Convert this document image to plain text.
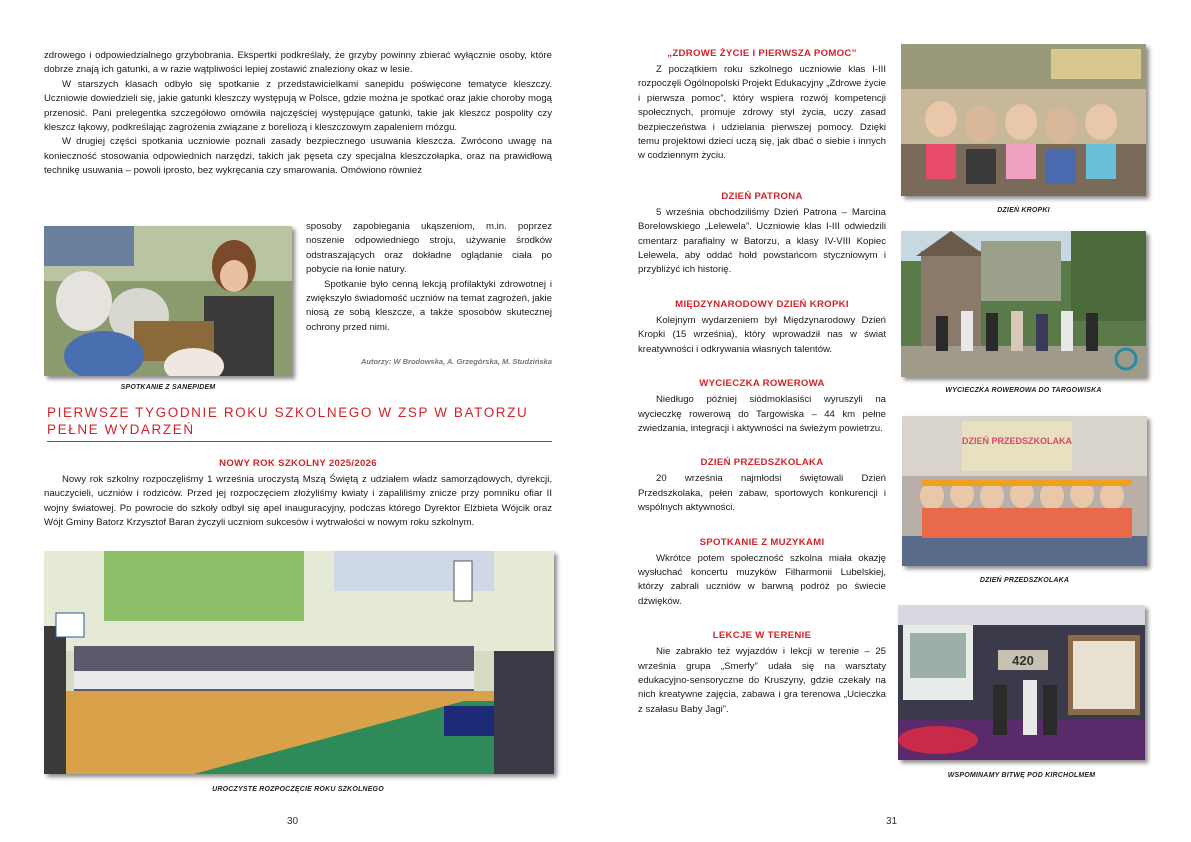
zdrowego i odpowiedzialnego grzybobrania. Ekspertki podkreślały, że grzyby powinny zbierać wyłącznie osoby, które dobrze znają ich gatunki, a w razie wątpliwości lepiej zostawić znaleziony okaz w lesie.

W starszych klasach odbyło się spotkanie z przedstawicielkami sanepidu poświęcone tematyce kleszczy. Uczniowie dowiedzieli się, jakie gatunki kleszczy występują w Polsce, gdzie można je spotkać oraz jakie choroby mogą przenosić. Pani prelegentka szczegółowo omówiła najczęściej występujące gatunki, takie jak kleszcz pospolity czy kleszcz łąkowy, podkreślając zagrożenia związane z boreliozą i kleszczowym zapaleniem mózgu.

W drugiej części spotkania uczniowie poznali zasady bezpiecznego usuwania kleszcza. Zwrócono uwagę na konieczność stosowania odpowiednich narzędzi, takich jak pęseta czy specjalna kleszczołapka, oraz na prawidłową technikę usuwania – powoli iprosto, bez wykręcania czy smarowania. Omówiono również

SPOTKANIE Z SANEPIDEM

sposoby zapobiegania ukąszeniom, m.in. poprzez noszenie odpowiedniego stroju, używanie środków odstraszających oraz dokładne oglądanie ciała po pobycie na łonie natury.

Spotkanie było cenną lekcją profilaktyki zdrowotnej i zwiększyło świadomość uczniów na temat zagrożeń, jakie niosą ze sobą kleszcze, a także sposobów skutecznej ochrony przed nimi.

Autorzy: W Brodowska, A. Grzegórska, M. Studzińska
PIERWSZE TYGODNIE ROKU SZKOLNEGO W ZSP W BATORZU PEŁNE WYDARZEŃ
NOWY ROK SZKOLNY 2025/2026

Nowy rok szkolny rozpoczęliśmy 1 września uroczystą Mszą Świętą z udziałem władz samorządowych, dyrekcji, nauczycieli, uczniów i rodziców. Przed jej rozpoczęciem złożyliśmy kwiaty i zapaliliśmy znicze przy pomniku ofiar II wojny światowej. Po powrocie do szkoły odbył się apel inauguracyjny, podczas którego Dyrektor Elżbieta Wójcik oraz Wójt Gminy Batorz Krzysztof Baran życzyli uczniom sukcesów i wytrwałości w nowym roku szkolnym.

UROCZYSTE ROZPOCZĘCIE ROKU SZKOLNEGO
30
„ZDROWE ŻYCIE I PIERWSZA POMOC”

Z początkiem roku szkolnego uczniowie klas I-III rozpoczęli Ogólnopolski Projekt Edukacyjny „Zdrowe życie i pierwsza pomoc”, który wspiera rozwój kompetencji społecznych, promuje zdrowy styl życia, uczy zasad bezpieczeństwa i udzielania pierwszej pomocy. Dzięki temu projektowi dzieci uczą się, jak dbać o siebie i innych w codziennym życiu.

DZIEŃ PATRONA

5 września obchodziliśmy Dzień Patrona – Marcina Borelowskiego „Lelewela”. Uczniowie klas I-III odwiedzili cmentarz parafialny w Batorzu, a klasy IV-VIII Kopiec Lelewela, aby oddać hołd powstańcom styczniowym i przybliżyć ich historię.

MIĘDZYNARODOWY DZIEŃ KROPKI

Kolejnym wydarzeniem był Międzynarodowy Dzień Kropki (15 września), który wprowadził nas w świat kreatywności i odkrywania własnych talentów.

WYCIECZKA ROWEROWA

Niedługo później siódmoklasiści wyruszyli na wycieczkę rowerową do Targowiska – 44 km pełne zwiedzania, integracji i aktywności na świeżym powietrzu.

DZIEŃ PRZEDSZKOLAKA

20 września najmłodsi świętowali Dzień Przedszkolaka, pełen zabaw, sportowych konkurencji i wspólnych aktywności.

SPOTKANIE Z MUZYKAMI

Wkrótce potem społeczność szkolna miała okazję wysłuchać koncertu muzyków Filharmonii Lubelskiej, którzy zabrali uczniów w barwną podróż po świecie dźwięków.

LEKCJE W TERENIE

Nie zabrakło też wyjazdów i lekcji w terenie – 25 września grupa „Smerfy” udała się na warsztaty edukacyjno-sensoryczne do Kruszyny, gdzie czekały na nich kreatywne zajęcia, zabawa i gra terenowa „Ucieczka z szałasu Baby Jagi”.

DZIEŃ KROPKI
WYCIECZKA ROWEROWA DO TARGOWISKA
DZIEŃ PRZEDSZKOLAKA
DZIEŃ PRZEDSZKOLAKA
420
WSPOMINAMY BITWĘ POD KIRCHOLMEM
31
